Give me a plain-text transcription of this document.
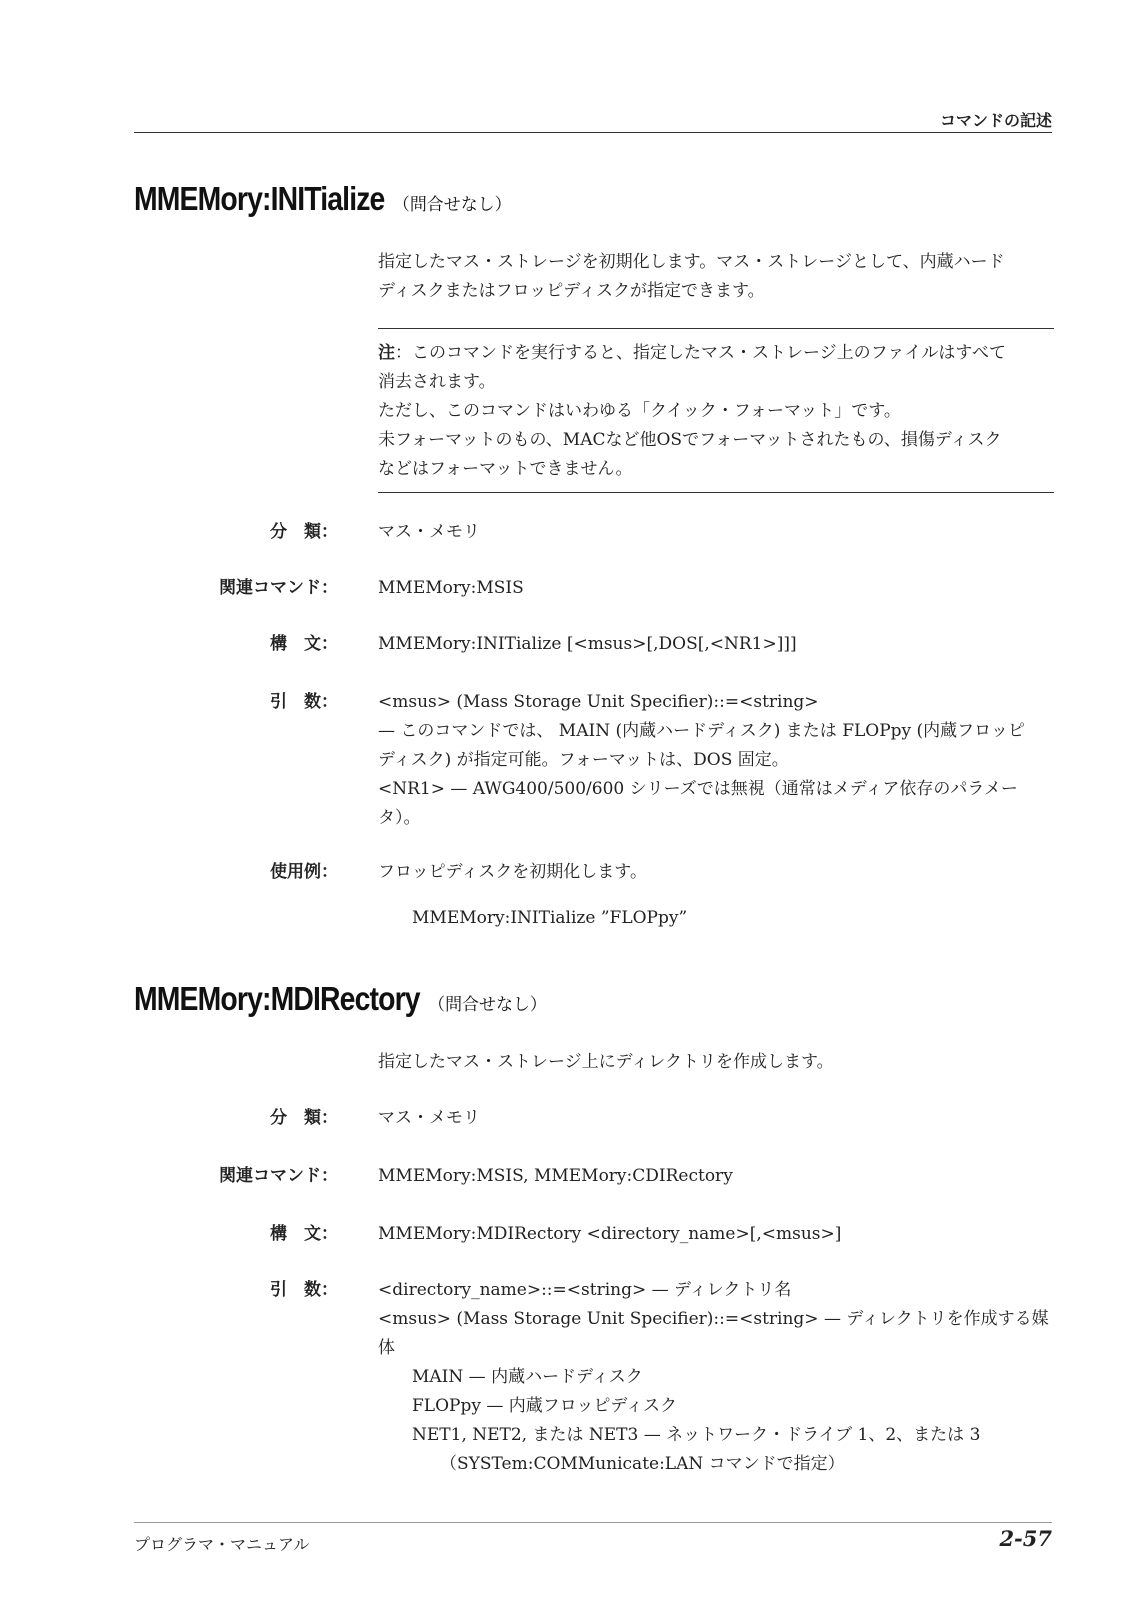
コマンドの記述
MMEMory:INITialize （問合せなし）
指定したマス・ストレージを初期化します。マス・ストレージとして、内蔵ハード
ディスクまたはフロッピディスクが指定できます。
注：このコマンドを実行すると、指定したマス・ストレージ上のファイルはすべて
消去されます。
ただし、このコマンドはいわゆる「クイック・フォーマット」です。
未フォーマットのもの、MACなど他OSでフォーマットされたもの、損傷ディスク
などはフォーマットできません。
分　類： マス・メモリ
関連コマンド： MMEMory:MSIS
構　文： MMEMory:INITialize [<msus>[,DOS[,<NR1>]]]
引　数： <msus> (Mass Storage Unit Specifier)::=<string>
— このコマンドでは、 MAIN (内蔵ハードディスク) または FLOPpy (内蔵フロッピ
ディスク) が指定可能。フォーマットは、DOS 固定。
<NR1> — AWG400/500/600 シリーズでは無視（通常はメディア依存のパラメー
タ）。
使用例： フロッピディスクを初期化します。
MMEMory:INITialize ”FLOPpy”
MMEMory:MDIRectory （問合せなし）
指定したマス・ストレージ上にディレクトリを作成します。
分　類： マス・メモリ
関連コマンド： MMEMory:MSIS, MMEMory:CDIRectory
構　文： MMEMory:MDIRectory <directory_name>[,<msus>]
引　数： <directory_name>::=<string> — ディレクトリ名
<msus> (Mass Storage Unit Specifier)::=<string> — ディレクトリを作成する媒体
MAIN — 内蔵ハードディスク
FLOPpy — 内蔵フロッピディスク
NET1, NET2, または NET3 — ネットワーク・ドライブ 1、2、または 3
（SYSTem:COMMunicate:LAN コマンドで指定）
プログラマ・マニュアル	2-57
